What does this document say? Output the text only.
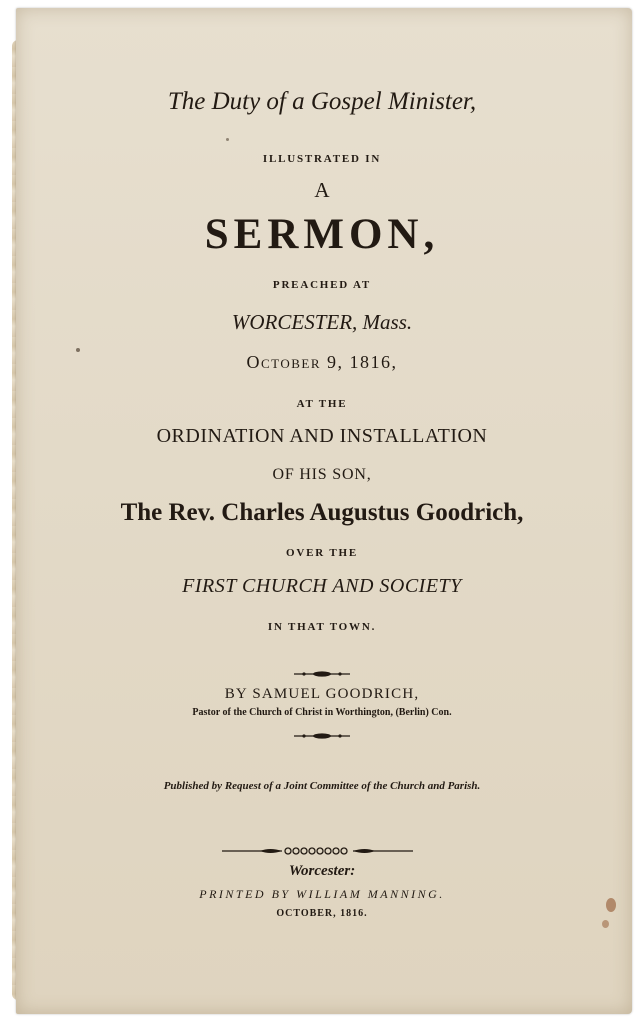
The Duty of a Gospel Minister,
ILLUSTRATED IN
A
SERMON,
PREACHED AT
WORCESTER, Mass.
October 9, 1816,
AT THE
ORDINATION AND INSTALLATION
OF HIS SON,
The Rev. Charles Augustus Goodrich,
OVER THE
FIRST CHURCH AND SOCIETY
IN THAT TOWN.
BY SAMUEL GOODRICH,
Pastor of the Church of Christ in Worthington, (Berlin) Con.
Published by Request of a Joint Committee of the Church and Parish.
Worcester:
PRINTED BY WILLIAM MANNING.
OCTOBER, 1816.
